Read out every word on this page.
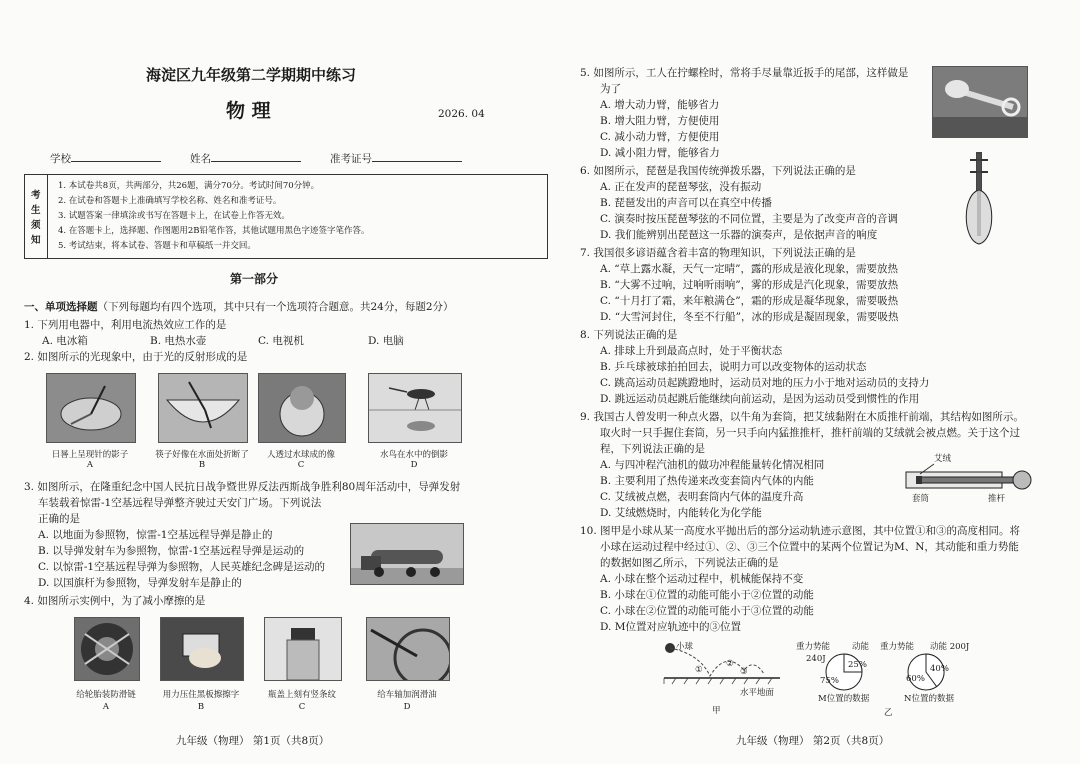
海淀区九年级第二学期期中练习
物 理	2026. 04
学校	姓名	准考证号
考
生
须
知
1. 本试卷共8页，共两部分，共26题，满分70分。考试时间70分钟。
2. 在试卷和答题卡上准确填写学校名称、姓名和准考证号。
3. 试题答案一律填涂或书写在答题卡上，在试卷上作答无效。
4. 在答题卡上，选择题、作图题用2B铅笔作答，其他试题用黑色字迹签字笔作答。
5. 考试结束，将本试卷、答题卡和草稿纸一并交回。
第一部分
一、单项选择题（下列每题均有四个选项，其中只有一个选项符合题意。共24分，每题2分）
1. 下列用电器中，利用电流热效应工作的是
A. 电冰箱	B. 电热水壶	C. 电视机	D. 电脑
2. 如图所示的光现象中，由于光的反射形成的是
日晷上呈现针的影子	筷子好像在水面处折断了	人透过水球成的像	水鸟在水中的倒影
A	B	C	D
3. 如图所示，在隆重纪念中国人民抗日战争暨世界反法西斯战争胜利80周年活动中，导弹发射
车装载着惊雷-1空基远程导弹整齐驶过天安门广场。下列说法
正确的是
A. 以地面为参照物，惊雷-1空基远程导弹是静止的
B. 以导弹发射车为参照物，惊雷-1空基远程导弹是运动的
C. 以惊雷-1空基远程导弹为参照物，人民英雄纪念碑是运动的
D. 以国旗杆为参照物，导弹发射车是静止的
4. 如图所示实例中，为了减小摩擦的是
给轮胎装防滑链	用力压住黑板擦擦字	瓶盖上刻有竖条纹	给车轴加润滑油
A	B	C	D
九年级（物理） 第1页（共8页）
5. 如图所示，工人在拧螺栓时，常将手尽量靠近扳手的尾部，这样做是
为了
A. 增大动力臂，能够省力
B. 增大阻力臂，方便使用
C. 减小动力臂，方便使用
D. 减小阻力臂，能够省力
6. 如图所示，琵琶是我国传统弹拨乐器，下列说法正确的是
A. 正在发声的琵琶琴弦，没有振动
B. 琵琶发出的声音可以在真空中传播
C. 演奏时按压琵琶琴弦的不同位置，主要是为了改变声音的音调
D. 我们能辨别出琵琶这一乐器的演奏声，是依据声音的响度
7. 我国很多谚语蕴含着丰富的物理知识，下列说法正确的是
A. “草上露水凝，天气一定晴”，露的形成是液化现象，需要放热
B. “大雾不过响，过响听雨响”，雾的形成是汽化现象，需要放热
C. “十月打了霜，来年粮满仓”，霜的形成是凝华现象，需要吸热
D. “大雪河封住，冬至不行船”，冰的形成是凝固现象，需要吸热
8. 下列说法正确的是
A. 排球上升到最高点时，处于平衡状态
B. 乒乓球被球拍拍回去，说明力可以改变物体的运动状态
C. 跳高运动员起跳蹬地时，运动员对地的压力小于地对运动员的支持力
D. 跳远运动员起跳后能继续向前运动，是因为运动员受到惯性的作用
9. 我国古人曾发明一种点火器，以牛角为套筒，把艾绒黏附在木质推杆前端，其结构如图所示。
取火时一只手握住套筒，另一只手向内猛推推杆，推杆前端的艾绒就会被点燃。关于这个过
程，下列说法正确的是
A. 与四冲程汽油机的做功冲程能量转化情况相同
B. 主要利用了热传递来改变套筒内气体的内能
C. 艾绒被点燃，表明套筒内气体的温度升高
D. 艾绒燃烧时，内能转化为化学能
艾绒
套筒	推杆
10. 图甲是小球从某一高度水平抛出后的部分运动轨迹示意图，其中位置①和③的高度相同。将
小球在运动过程中经过①、②、③三个位置中的某两个位置记为M、N，其动能和重力势能
的数据如图乙所示，下列说法正确的是
A. 小球在整个运动过程中，机械能保持不变
B. 小球在①位置的动能可能小于②位置的动能
C. 小球在②位置的动能可能小于③位置的动能
D. M位置对应轨迹中的③位置
小球
①
②
③
水平地面
甲
重力势能	动能
240J
25%
75%
M位置的数据
重力势能 动能 200J
40%
60%
N位置的数据
乙
九年级（物理） 第2页（共8页）
